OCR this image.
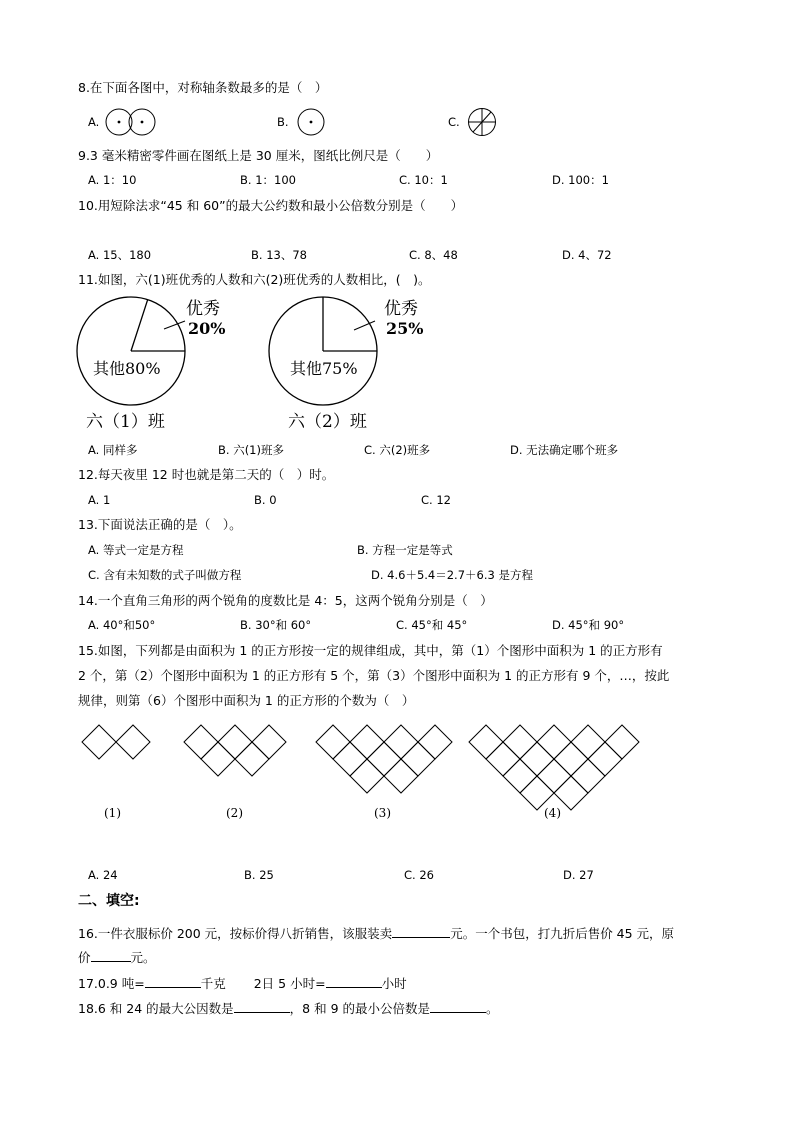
8.在下面各图中，对称轴条数最多的是（　）
A.	B.	C.
9.3 毫米精密零件画在图纸上是 30 厘米，图纸比例尺是（　　）
A. 1：10	B. 1：100	C. 10：1	D. 100：1
10.用短除法求“45 和 60”的最大公约数和最小公倍数分别是（　　）
A. 15、180	B. 13、78	C. 8、48	D. 4、72
11.如图，六(1)班优秀的人数和六(2)班优秀的人数相比，(　)。
优秀
20%
其他80%
六（1）班
优秀
25%
其他75%
六（2）班
A. 同样多	B. 六(1)班多	C. 六(2)班多	D. 无法确定哪个班多
12.每天夜里 12 时也就是第二天的（　）时。
A. 1	B. 0	C. 12
13.下面说法正确的是（　）。
A. 等式一定是方程	B. 方程一定是等式
C. 含有未知数的式子叫做方程	D. 4.6＋5.4＝2.7＋6.3 是方程
14.一个直角三角形的两个锐角的度数比是 4：5，这两个锐角分别是（　）
A. 40°和50°	B. 30°和 60°	C. 45°和 45°	D. 45°和 90°
15.如图，下列都是由面积为 1 的正方形按一定的规律组成，其中，第（1）个图形中面积为 1 的正方形有
2 个，第（2）个图形中面积为 1 的正方形有 5 个，第（3）个图形中面积为 1 的正方形有 9 个，…，按此
规律，则第（6）个图形中面积为 1 的正方形的个数为（　）
(1)	(2)	(3)	(4)
A. 24	B. 25	C. 26	D. 27
二、填空:
16.一件衣服标价 200 元，按标价得八折销售，该服装卖	元。一个书包，打九折后售价 45 元，原
价	元。
17.0.9 吨=	千克 2日 5 小时=	小时
18.6 和 24 的最大公因数是	，8 和 9 的最小公倍数是	。
